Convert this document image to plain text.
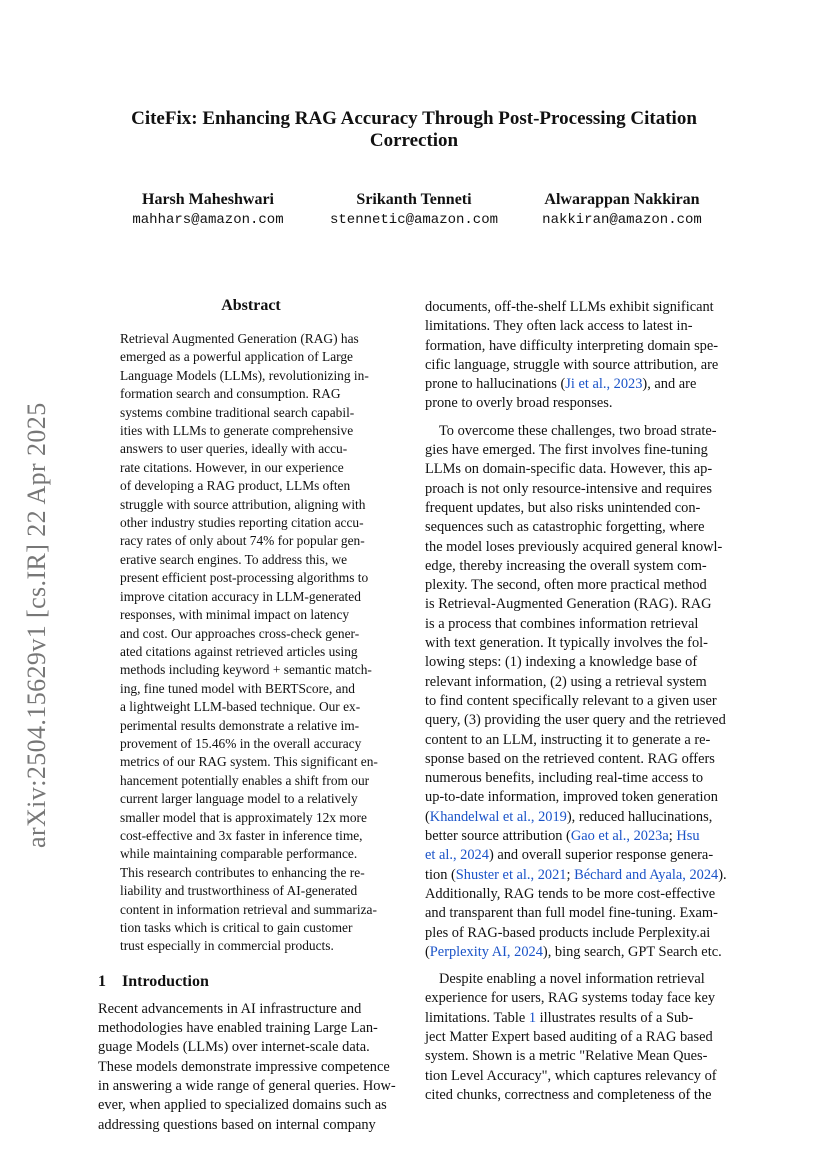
arXiv:2504.15629v1 [cs.IR] 22 Apr 2025
CiteFix: Enhancing RAG Accuracy Through Post-Processing Citation
Correction
Harsh Maheshwari
mahhars@amazon.com
Srikanth Tenneti
stennetic@amazon.com
Alwarappan Nakkiran
nakkiran@amazon.com
Abstract
Retrieval Augmented Generation (RAG) has
emerged as a powerful application of Large
Language Models (LLMs), revolutionizing in-
formation search and consumption. RAG
systems combine traditional search capabil-
ities with LLMs to generate comprehensive
answers to user queries, ideally with accu-
rate citations. However, in our experience
of developing a RAG product, LLMs often
struggle with source attribution, aligning with
other industry studies reporting citation accu-
racy rates of only about 74% for popular gen-
erative search engines. To address this, we
present efficient post-processing algorithms to
improve citation accuracy in LLM-generated
responses, with minimal impact on latency
and cost. Our approaches cross-check gener-
ated citations against retrieved articles using
methods including keyword + semantic match-
ing, fine tuned model with BERTScore, and
a lightweight LLM-based technique. Our ex-
perimental results demonstrate a relative im-
provement of 15.46% in the overall accuracy
metrics of our RAG system. This significant en-
hancement potentially enables a shift from our
current larger language model to a relatively
smaller model that is approximately 12x more
cost-effective and 3x faster in inference time,
while maintaining comparable performance.
This research contributes to enhancing the re-
liability and trustworthiness of AI-generated
content in information retrieval and summariza-
tion tasks which is critical to gain customer
trust especially in commercial products.
1 Introduction
Recent advancements in AI infrastructure and
methodologies have enabled training Large Lan-
guage Models (LLMs) over internet-scale data.
These models demonstrate impressive competence
in answering a wide range of general queries. How-
ever, when applied to specialized domains such as
addressing questions based on internal company
documents, off-the-shelf LLMs exhibit significant
limitations. They often lack access to latest in-
formation, have difficulty interpreting domain spe-
cific language, struggle with source attribution, are
prone to hallucinations (Ji et al., 2023), and are
prone to overly broad responses.
To overcome these challenges, two broad strate-
gies have emerged. The first involves fine-tuning
LLMs on domain-specific data. However, this ap-
proach is not only resource-intensive and requires
frequent updates, but also risks unintended con-
sequences such as catastrophic forgetting, where
the model loses previously acquired general knowl-
edge, thereby increasing the overall system com-
plexity. The second, often more practical method
is Retrieval-Augmented Generation (RAG). RAG
is a process that combines information retrieval
with text generation. It typically involves the fol-
lowing steps: (1) indexing a knowledge base of
relevant information, (2) using a retrieval system
to find content specifically relevant to a given user
query, (3) providing the user query and the retrieved
content to an LLM, instructing it to generate a re-
sponse based on the retrieved content. RAG offers
numerous benefits, including real-time access to
up-to-date information, improved token generation
(Khandelwal et al., 2019), reduced hallucinations,
better source attribution (Gao et al., 2023a; Hsu
et al., 2024) and overall superior response genera-
tion (Shuster et al., 2021; Béchard and Ayala, 2024).
Additionally, RAG tends to be more cost-effective
and transparent than full model fine-tuning. Exam-
ples of RAG-based products include Perplexity.ai
(Perplexity AI, 2024), bing search, GPT Search etc.
Despite enabling a novel information retrieval
experience for users, RAG systems today face key
limitations. Table 1 illustrates results of a Sub-
ject Matter Expert based auditing of a RAG based
system. Shown is a metric "Relative Mean Ques-
tion Level Accuracy", which captures relevancy of
cited chunks, correctness and completeness of the
